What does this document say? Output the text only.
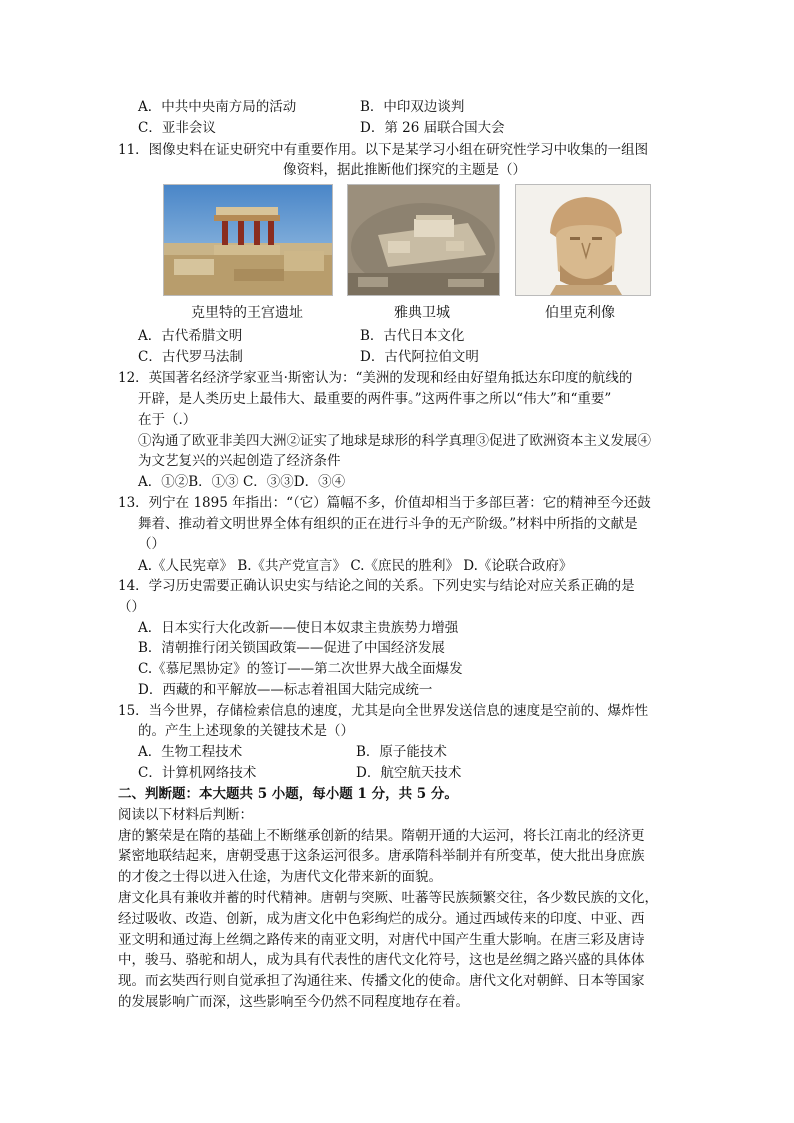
A．中共中央南方局的活动	B．中印双边谈判
C．亚非会议	D．第 26 届联合国大会
11．图像史料在证史研究中有重要作用。以下是某学习小组在研究性学习中收集的一组图
像资料，据此推断他们探究的主题是（）
克里特的王宫遗址	雅典卫城	伯里克利像
A．古代希腊文明	B．古代日本文化
C．古代罗马法制	D．古代阿拉伯文明
12．英国著名经济学家亚当·斯密认为：“美洲的发现和经由好望角抵达东印度的航线的
开辟，是人类历史上最伟大、最重要的两件事。”这两件事之所以“伟大”和“重要”
在于（.）
①沟通了欧亚非美四大洲②证实了地球是球形的科学真理③促进了欧洲资本主义发展④
为文艺复兴的兴起创造了经济条件
A．①②B．①③ C．③③D．③④
13．列宁在 1895 年指出：“（它）篇幅不多，价值却相当于多部巨著：它的精神至今还鼓
舞着、推动着文明世界全体有组织的正在进行斗争的无产阶级。”材料中所指的文献是
（）
A.《人民宪章》 B.《共产党宣言》 C.《庶民的胜利》 D.《论联合政府》
14．学习历史需要正确认识史实与结论之间的关系。下列史实与结论对应关系正确的是
（）
A．日本实行大化改新——使日本奴隶主贵族势力增强
B．清朝推行闭关锁国政策——促进了中国经济发展
C.《慕尼黑协定》的签订——第二次世界大战全面爆发
D．西藏的和平解放——标志着祖国大陆完成统一
15．当今世界，存储检索信息的速度，尤其是向全世界发送信息的速度是空前的、爆炸性
的。产生上述现象的关键技术是（）
A．生物工程技术	B．原子能技术
C．计算机网络技术	D．航空航天技术
二、判断题：本大题共 5 小题，每小题 1 分，共 5 分。
阅读以下材料后判断：
唐的繁荣是在隋的基础上不断继承创新的结果。隋朝开通的大运河，将长江南北的经济更
紧密地联结起来，唐朝受惠于这条运河很多。唐承隋科举制并有所变革，使大批出身庶族
的才俊之士得以进入仕途，为唐代文化带来新的面貌。
唐文化具有兼收并蓄的时代精神。唐朝与突厥、吐蕃等民族频繁交往，各少数民族的文化，
经过吸收、改造、创新，成为唐文化中色彩绚烂的成分。通过西域传来的印度、中亚、西
亚文明和通过海上丝绸之路传来的南亚文明，对唐代中国产生重大影响。在唐三彩及唐诗
中，骏马、骆驼和胡人，成为具有代表性的唐代文化符号，这也是丝绸之路兴盛的具体体
现。而玄奘西行则自觉承担了沟通往来、传播文化的使命。唐代文化对朝鲜、日本等国家
的发展影响广而深，这些影响至今仍然不同程度地存在着。
